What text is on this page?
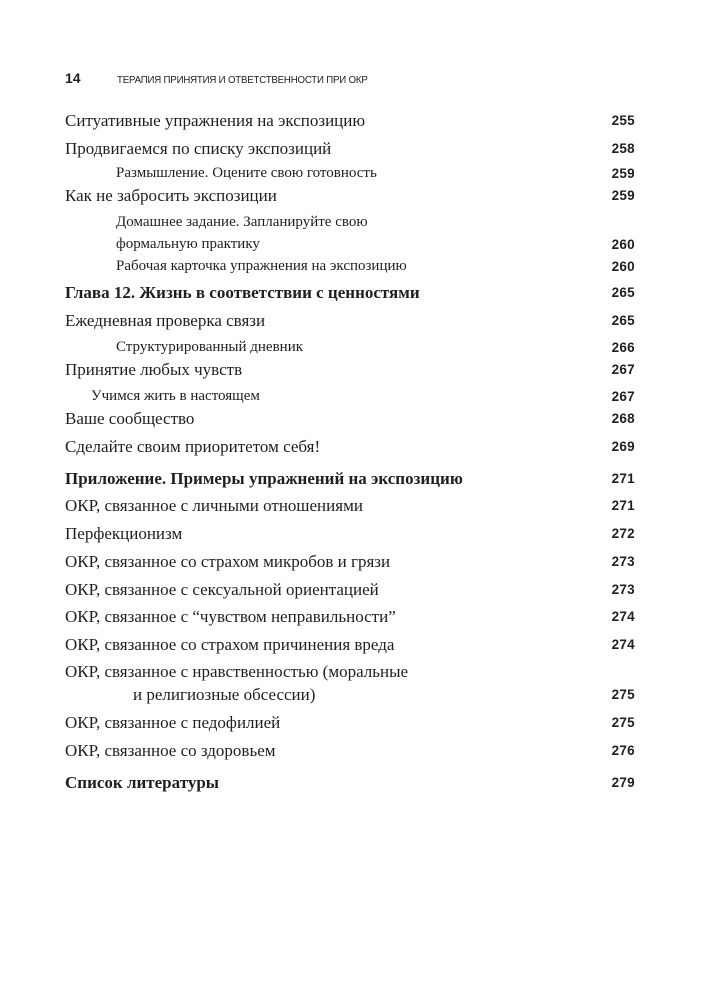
14	ТЕРАПИЯ ПРИНЯТИЯ И ОТВЕТСТВЕННОСТИ ПРИ ОКР
Ситуативные упражнения на экспозицию	255
Продвигаемся по списку экспозиций	258
Размышление. Оцените свою готовность	259
Как не забросить экспозиции	259
Домашнее задание. Запланируйте свою
формальную практику	260
Рабочая карточка упражнения на экспозицию	260
Глава 12. Жизнь в соответствии с ценностями	265
Ежедневная проверка связи	265
Структурированный дневник	266
Принятие любых чувств	267
Учимся жить в настоящем	267
Ваше сообщество	268
Сделайте своим приоритетом себя!	269
Приложение. Примеры упражнений на экспозицию	271
ОКР, связанное с личными отношениями	271
Перфекционизм	272
ОКР, связанное со страхом микробов и грязи	273
ОКР, связанное с сексуальной ориентацией	273
ОКР, связанное с “чувством неправильности”	274
ОКР, связанное со страхом причинения вреда	274
ОКР, связанное с нравственностью (моральные
и религиозные обсессии)	275
ОКР, связанное с педофилией	275
ОКР, связанное со здоровьем	276
Список литературы	279
